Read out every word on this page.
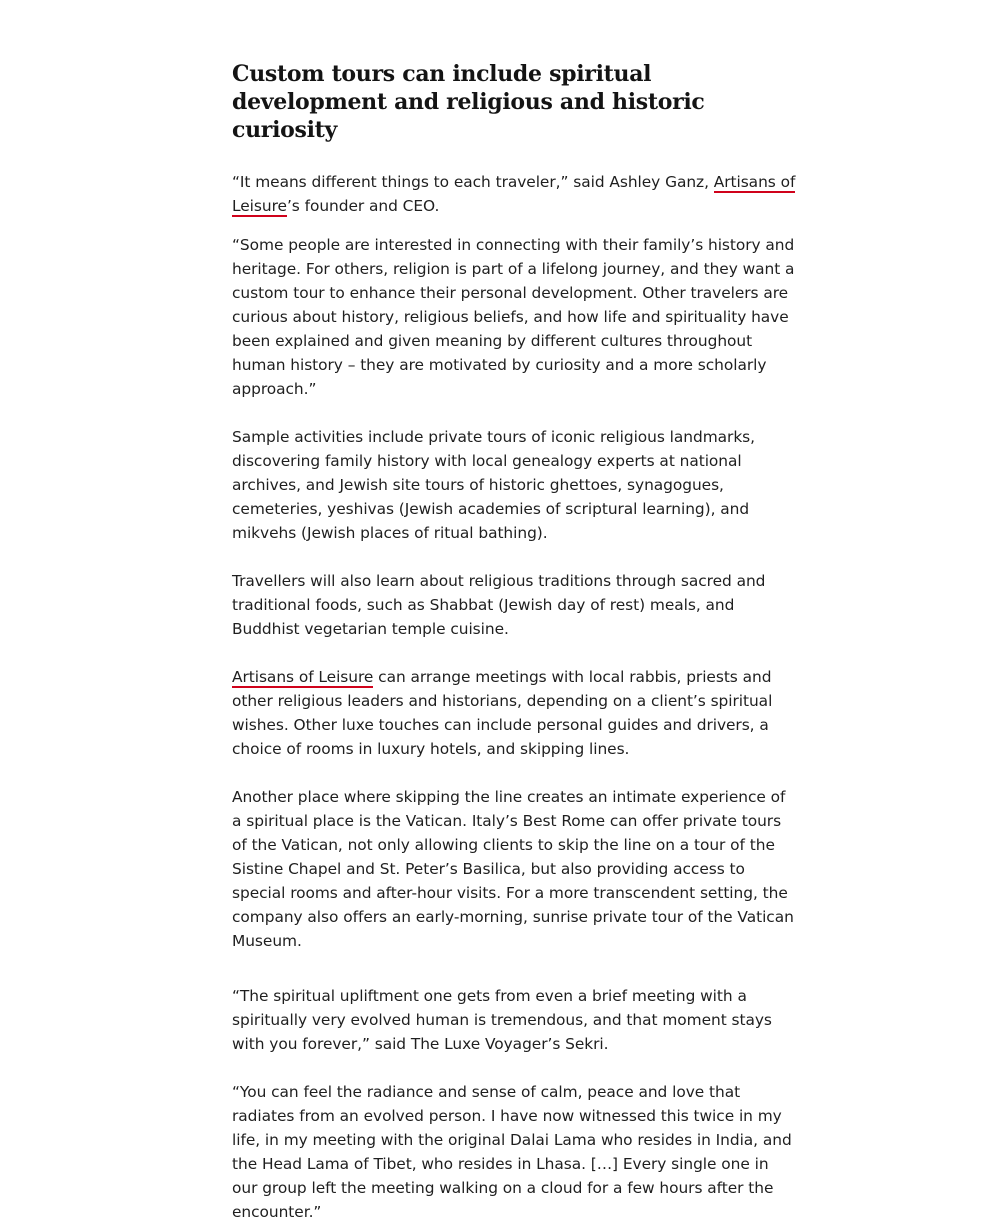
Custom tours can include spiritual development and religious and historic curiosity

“It means different things to each traveler,” said Ashley Ganz, Artisans of Leisure’s founder and CEO.

“Some people are interested in connecting with their family’s history and heritage. For others, religion is part of a lifelong journey, and they want a custom tour to enhance their personal development. Other travelers are curious about history, religious beliefs, and how life and spirituality have been explained and given meaning by different cultures throughout human history – they are motivated by curiosity and a more scholarly approach.”

Sample activities include private tours of iconic religious landmarks, discovering family history with local genealogy experts at national archives, and Jewish site tours of historic ghettoes, synagogues, cemeteries, yeshivas (Jewish academies of scriptural learning), and mikvehs (Jewish places of ritual bathing).

Travellers will also learn about religious traditions through sacred and traditional foods, such as Shabbat (Jewish day of rest) meals, and Buddhist vegetarian temple cuisine.

Artisans of Leisure can arrange meetings with local rabbis, priests and other religious leaders and historians, depending on a client’s spiritual wishes. Other luxe touches can include personal guides and drivers, a choice of rooms in luxury hotels, and skipping lines.

Another place where skipping the line creates an intimate experience of a spiritual place is the Vatican. Italy’s Best Rome can offer private tours of the Vatican, not only allowing clients to skip the line on a tour of the Sistine Chapel and St. Peter’s Basilica, but also providing access to special rooms and after-hour visits. For a more transcendent setting, the company also offers an early-morning, sunrise private tour of the Vatican Museum.

“The spiritual upliftment one gets from even a brief meeting with a spiritually very evolved human is tremendous, and that moment stays with you forever,” said The Luxe Voyager’s Sekri.

“You can feel the radiance and sense of calm, peace and love that radiates from an evolved person. I have now witnessed this twice in my life, in my meeting with the original Dalai Lama who resides in India, and the Head Lama of Tibet, who resides in Lhasa. […] Every single one in our group left the meeting walking on a cloud for a few hours after the encounter.”
